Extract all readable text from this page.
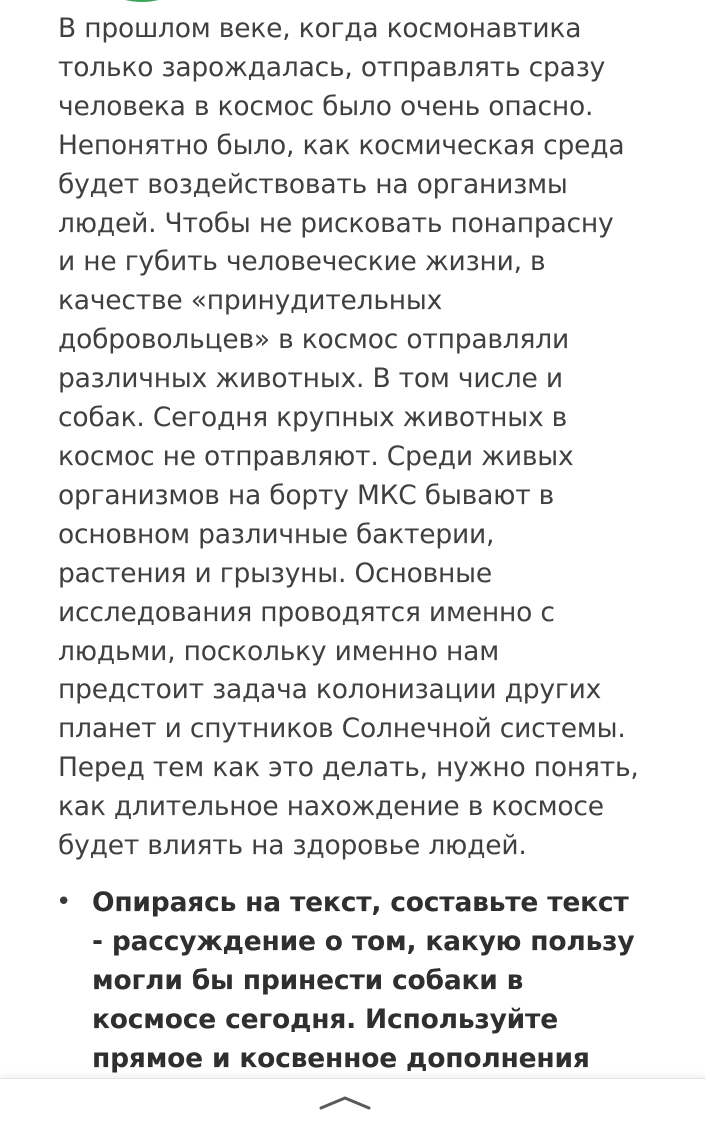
В прошлом веке, когда космонавтика
только зарождалась, отправлять сразу
человека в космос было очень опасно.
Непонятно было, как космическая среда
будет воздействовать на организмы
людей. Чтобы не рисковать понапрасну
и не губить человеческие жизни, в
качестве «принудительных
добровольцев» в космос отправляли
различных животных. В том числе и
собак. Сегодня крупных животных в
космос не отправляют. Среди живых
организмов на борту МКС бывают в
основном различные бактерии,
растения и грызуны. Основные
исследования проводятся именно с
людьми, поскольку именно нам
предстоит задача колонизации других
планет и спутников Солнечной системы.
Перед тем как это делать, нужно понять,
как длительное нахождение в космосе
будет влиять на здоровье людей.

• Опираясь на текст, составьте текст
- рассуждение о том, какую пользу
могли бы принести собаки в
космосе сегодня. Используйте
прямое и косвенное дополнения
